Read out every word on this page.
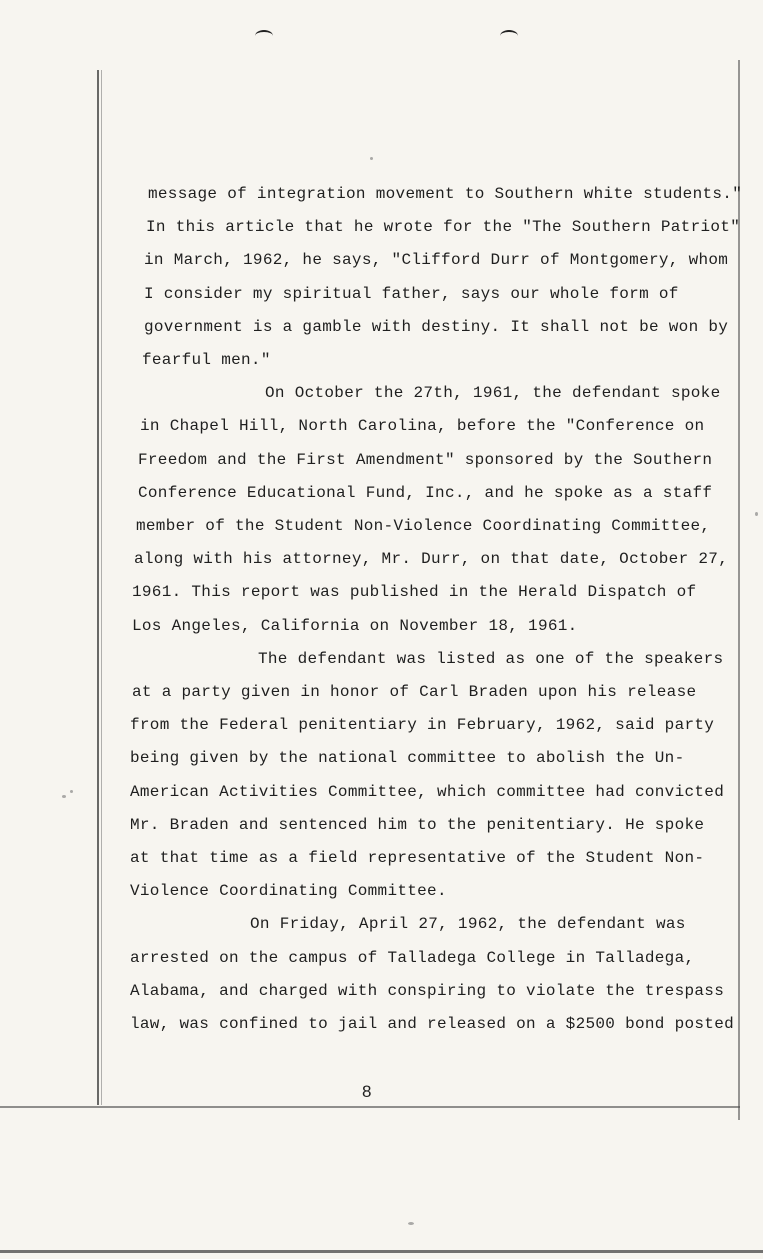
message of integration movement to Southern white students."
In this article that he wrote for the "The Southern Patriot"
in March, 1962, he says, "Clifford Durr of Montgomery, whom
I consider my spiritual father, says our whole form of
government is a gamble with destiny. It shall not be won by
fearful men."
On October the 27th, 1961, the defendant spoke
in Chapel Hill, North Carolina, before the "Conference on
Freedom and the First Amendment" sponsored by the Southern
Conference Educational Fund, Inc., and he spoke as a staff
member of the Student Non-Violence Coordinating Committee,
along with his attorney, Mr. Durr, on that date, October 27,
1961. This report was published in the Herald Dispatch of
Los Angeles, California on November 18, 1961.
The defendant was listed as one of the speakers
at a party given in honor of Carl Braden upon his release
from the Federal penitentiary in February, 1962, said party
being given by the national committee to abolish the Un-
American Activities Committee, which committee had convicted
Mr. Braden and sentenced him to the penitentiary. He spoke
at that time as a field representative of the Student Non-
Violence Coordinating Committee.
On Friday, April 27, 1962, the defendant was
arrested on the campus of Talladega College in Talladega,
Alabama, and charged with conspiring to violate the trespass
law, was confined to jail and released on a $2500 bond posted
8
